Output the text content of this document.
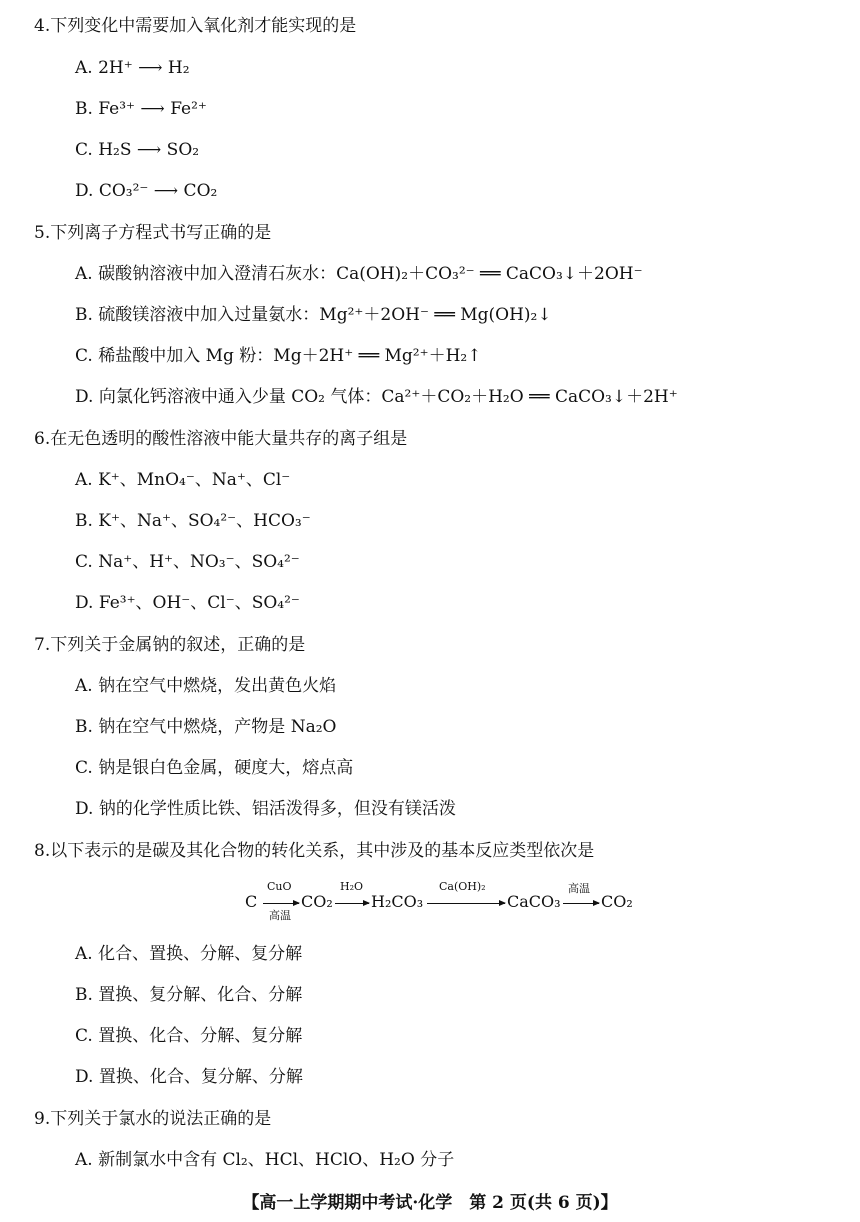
4.下列变化中需要加入氧化剂才能实现的是
A. 2H⁺ ⟶ H₂
B. Fe³⁺ ⟶ Fe²⁺
C. H₂S ⟶ SO₂
D. CO₃²⁻ ⟶ CO₂
5.下列离子方程式书写正确的是
A. 碳酸钠溶液中加入澄清石灰水：Ca(OH)₂＋CO₃²⁻ ══ CaCO₃↓＋2OH⁻
B. 硫酸镁溶液中加入过量氨水：Mg²⁺＋2OH⁻ ══ Mg(OH)₂↓
C. 稀盐酸中加入 Mg 粉：Mg＋2H⁺ ══ Mg²⁺＋H₂↑
D. 向氯化钙溶液中通入少量 CO₂ 气体：Ca²⁺＋CO₂＋H₂O ══ CaCO₃↓＋2H⁺
6.在无色透明的酸性溶液中能大量共存的离子组是
A. K⁺、MnO₄⁻、Na⁺、Cl⁻
B. K⁺、Na⁺、SO₄²⁻、HCO₃⁻
C. Na⁺、H⁺、NO₃⁻、SO₄²⁻
D. Fe³⁺、OH⁻、Cl⁻、SO₄²⁻
7.下列关于金属钠的叙述，正确的是
A. 钠在空气中燃烧，发出黄色火焰
B. 钠在空气中燃烧，产物是 Na₂O
C. 钠是银白色金属，硬度大，熔点高
D. 钠的化学性质比铁、铝活泼得多，但没有镁活泼
8.以下表示的是碳及其化合物的转化关系，其中涉及的基本反应类型依次是
C
CuO
高温
CO₂
H₂O
→ H₂CO₃
Ca(OH)₂
CaCO₃
高温
→ CO₂
A. 化合、置换、分解、复分解
B. 置换、复分解、化合、分解
C. 置换、化合、分解、复分解
D. 置换、化合、复分解、分解
9.下列关于氯水的说法正确的是
A. 新制氯水中含有 Cl₂、HCl、HClO、H₂O 分子
【高一上学期期中考试·化学　第 2 页(共 6 页)】
